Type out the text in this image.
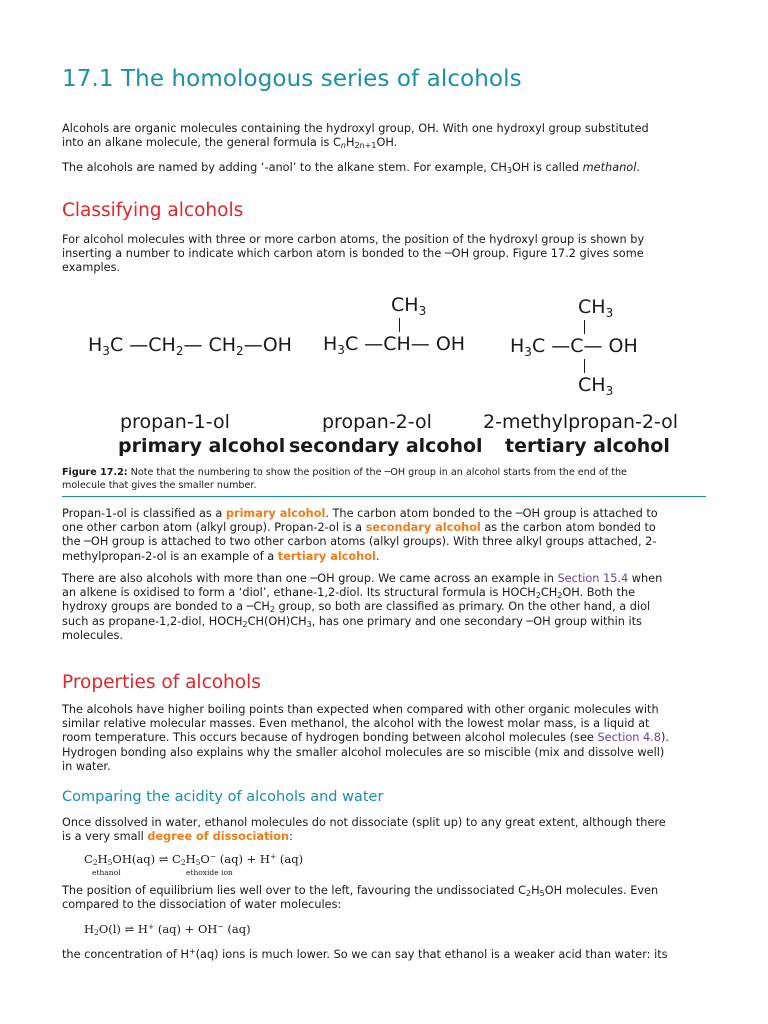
17.1 The homologous series of alcohols

Alcohols are organic molecules containing the hydroxyl group, OH. With one hydroxyl group substituted
into an alkane molecule, the general formula is $C_nH_{2n+1}OH$.

The alcohols are named by adding ‘-anol’ to the alkane stem. For example, $CH_3OH$ is called methanol.

Classifying alcohols

For alcohol molecules with three or more carbon atoms, the position of the hydroxyl group is shown by
inserting a number to indicate which carbon atom is bonded to the ─OH group. Figure 17.2 gives some
examples.

$H_3C$ $—CH_2—$ $CH_2—OH$
$CH_3$
$H_3C$ —CH— OH
$CH_3$
$H_3C$ —C— OH
$CH_3$
propan-1-ol	propan-2-ol	2-methylpropan-2-ol
primary alcohol secondary alcohol tertiary alcohol

Figure 17.2: Note that the numbering to show the position of the ─OH group in an alcohol starts from the end of the
molecule that gives the smaller number.

Propan-1-ol is classified as a primary alcohol. The carbon atom bonded to the ─OH group is attached to
one other carbon atom (alkyl group). Propan-2-ol is a secondary alcohol as the carbon atom bonded to
the ─OH group is attached to two other carbon atoms (alkyl groups). With three alkyl groups attached, 2-
methylpropan-2-ol is an example of a tertiary alcohol.

There are also alcohols with more than one ─OH group. We came across an example in Section 15.4 when
an alkene is oxidised to form a ‘diol’, ethane-1,2-diol. Its structural formula is $HOCH_2CH_2OH$. Both the
hydroxy groups are bonded to a $─CH_2$ group, so both are classified as primary. On the other hand, a diol
such as propane-1,2-diol, $HOCH_2CH(OH)CH_3$, has one primary and one secondary ─OH group within its
molecules.

Properties of alcohols

The alcohols have higher boiling points than expected when compared with other organic molecules with
similar relative molecular masses. Even methanol, the alcohol with the lowest molar mass, is a liquid at
room temperature. This occurs because of hydrogen bonding between alcohol molecules (see Section 4.8).
Hydrogen bonding also explains why the smaller alcohol molecules are so miscible (mix and dissolve well)
in water.

Comparing the acidity of alcohols and water

Once dissolved in water, ethanol molecules do not dissociate (split up) to any great extent, although there
is a very small degree of dissociation:

$C_2H_5OH(aq)$ ⇌ $C_2H_5O^-$ (aq) + H+ (aq)
ethanol	ethoxide ion

The position of equilibrium lies well over to the left, favouring the undissociated $C_2H_5OH$ molecules. Even
compared to the dissociation of water molecules:

$H_2O(l)$ ⇌ H+ (aq) + OH− (aq)

the concentration of H+(aq) ions is much lower. So we can say that ethanol is a weaker acid than water: its
